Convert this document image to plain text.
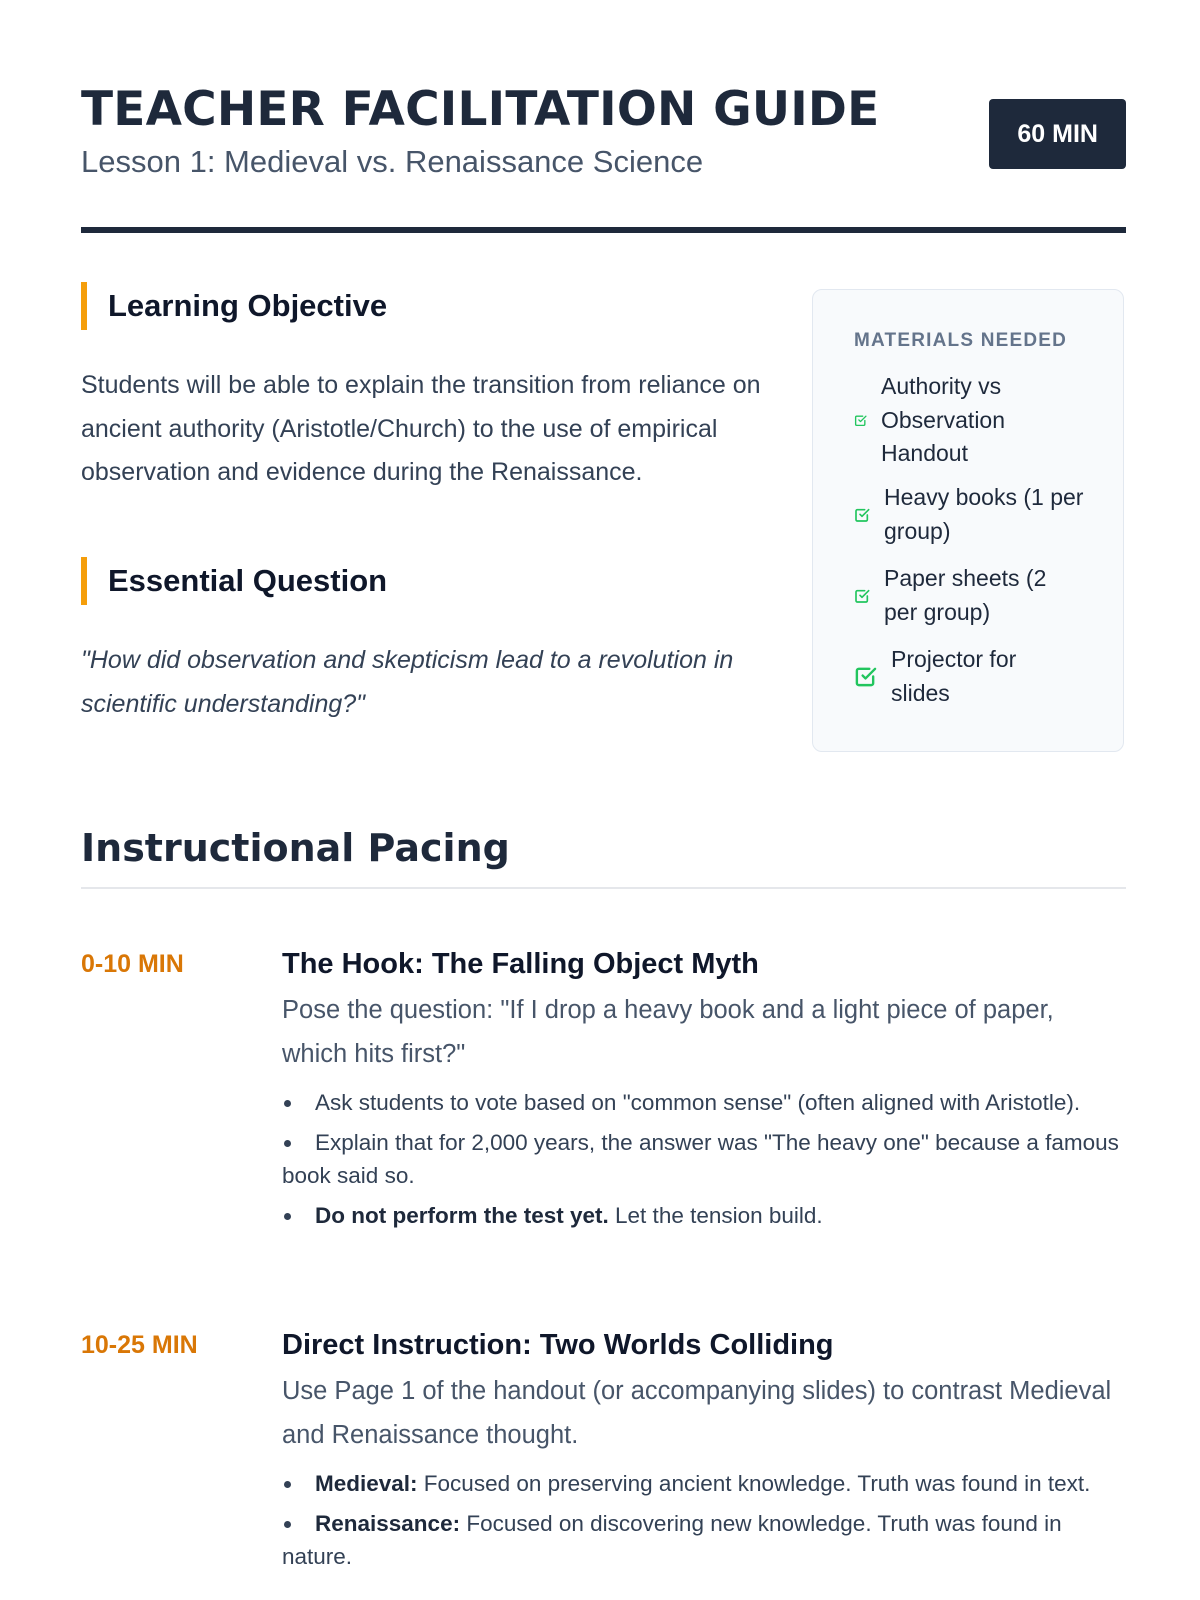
TEACHER FACILITATION GUIDE
Lesson 1: Medieval vs. Renaissance Science
60 MIN
Learning Objective

Students will be able to explain the transition from reliance on ancient authority (Aristotle/Church) to the use of empirical observation and evidence during the Renaissance.

Essential Question

"How did observation and skepticism lead to a revolution in scientific understanding?"

MATERIALS NEEDED
Authority vs Observation Handout
Heavy books (1 per group)
Paper sheets (2 per group)
Projector for slides
Instructional Pacing
0-10 MIN	The Hook: The Falling Object Myth

Pose the question: "If I drop a heavy book and a light piece of paper, which hits first?"

Ask students to vote based on "common sense" (often aligned with Aristotle).
Explain that for 2,000 years, the answer was "The heavy one" because a famous book said so.
Do not perform the test yet. Let the tension build.
10-25 MIN	Direct Instruction: Two Worlds Colliding

Use Page 1 of the handout (or accompanying slides) to contrast Medieval and Renaissance thought.

Medieval: Focused on preserving ancient knowledge. Truth was found in text.
Renaissance: Focused on discovering new knowledge. Truth was found in nature.
